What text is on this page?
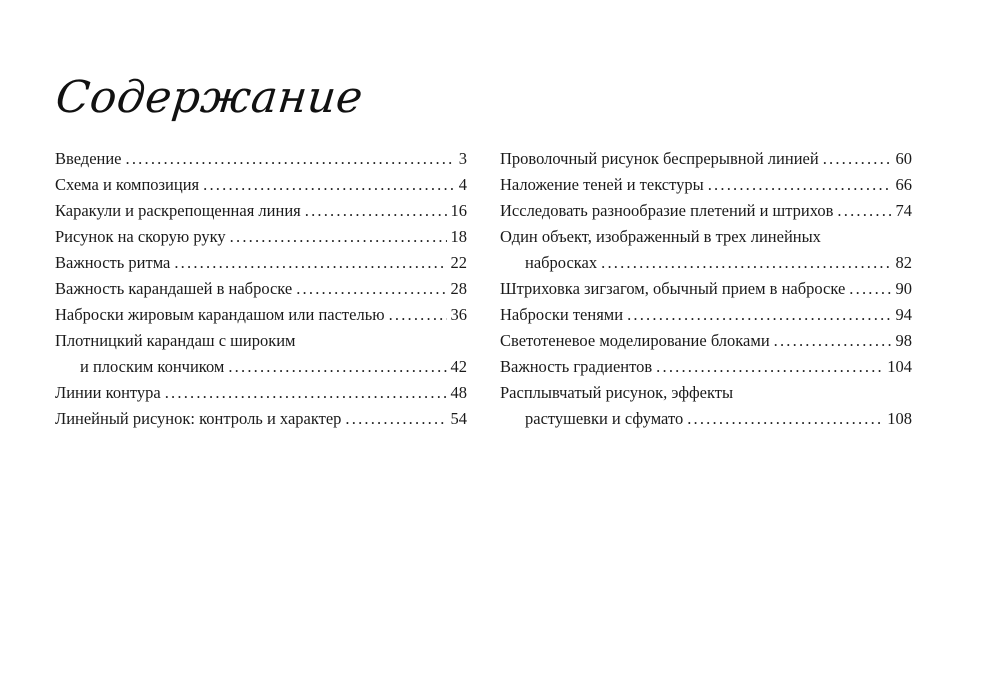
Содержание
Введение .....	3
Схема и композиция .....	4
Каракули и раскрепощенная линия .....	16
Рисунок на скорую руку .....	18
Важность ритма .....	22
Важность карандашей в наброске .....	28
Наброски жировым карандашом или пастелью .....	36
Плотницкий карандаш с широким
и плоским кончиком .....	42
Линии контура .....	48
Линейный рисунок: контроль и характер .....	54
Проволочный рисунок беспрерывной линией .....	60
Наложение теней и текстуры .....	66
Исследовать разнообразие плетений и штрихов .....	74
Один объект, изображенный в трех линейных
набросках .....	82
Штриховка зигзагом, обычный прием в наброске .....	90
Наброски тенями .....	94
Светотеневое моделирование блоками .....	98
Важность градиентов .....	104
Расплывчатый рисунок, эффекты
растушевки и сфумато .....	108
